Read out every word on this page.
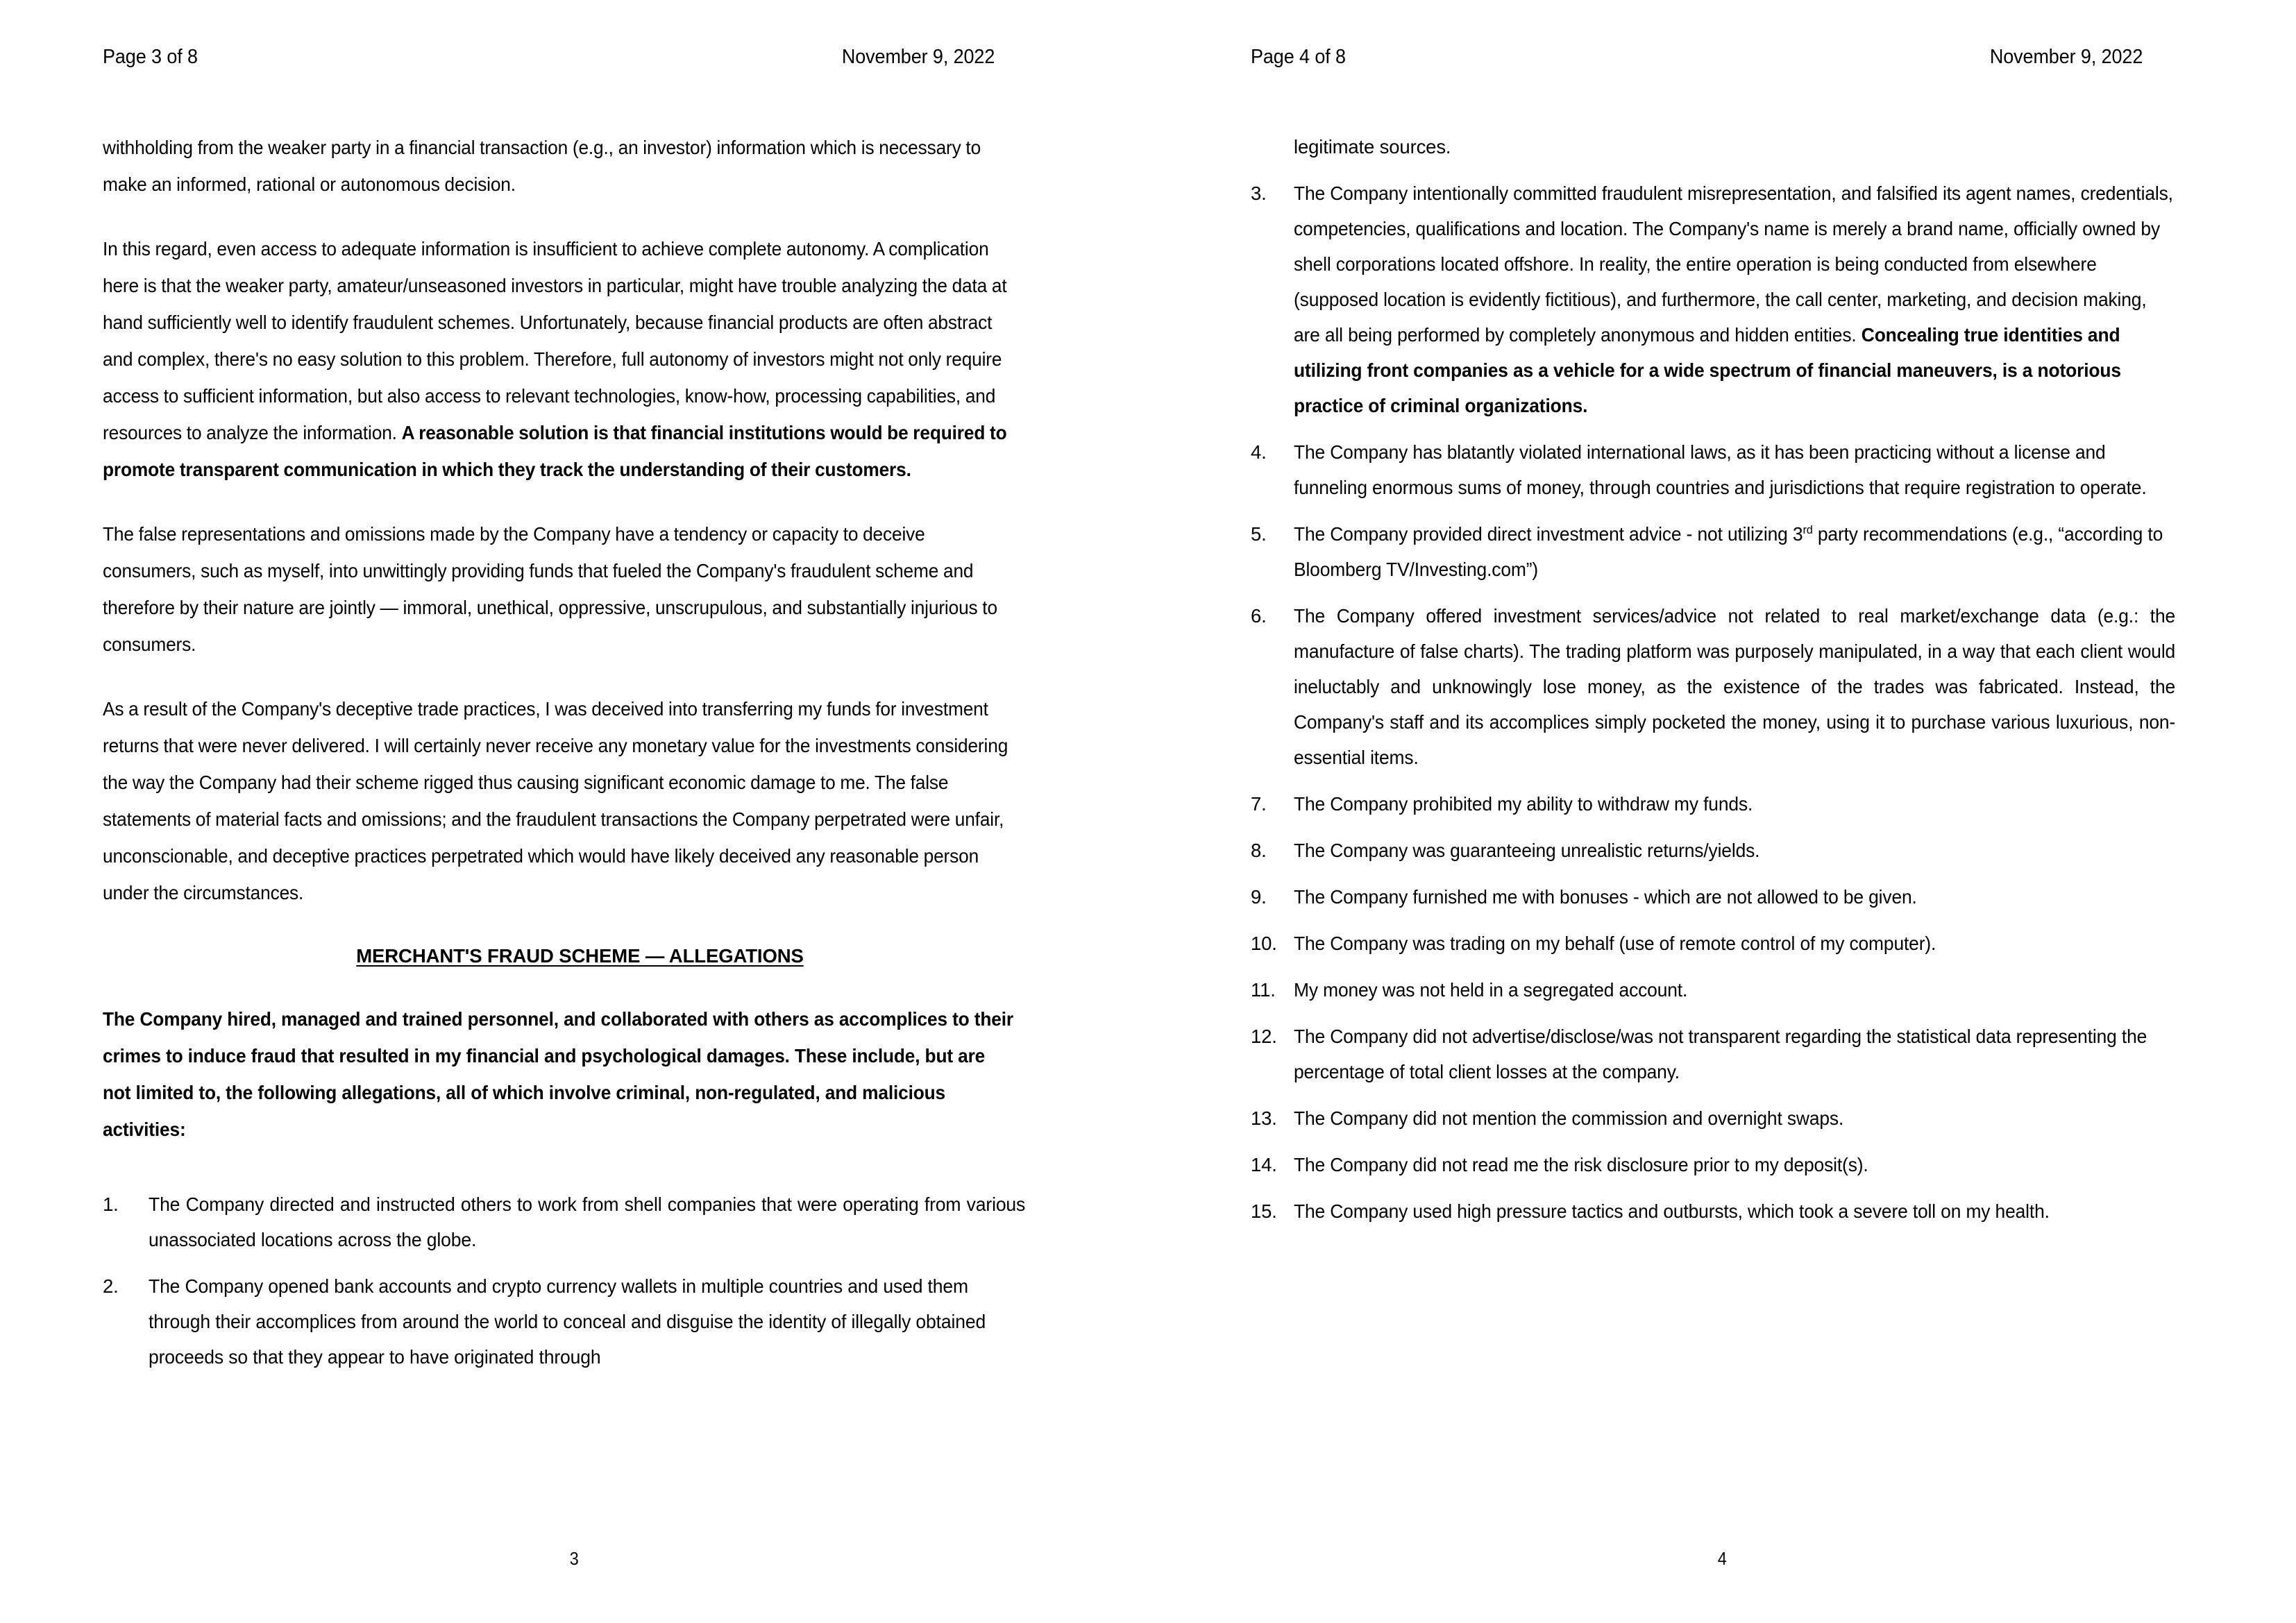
Page 3 of 8	November 9, 2022

withholding from the weaker party in a financial transaction (e.g., an investor) information which is necessary to make an informed, rational or autonomous decision.

In this regard, even access to adequate information is insufficient to achieve complete autonomy. A complication here is that the weaker party, amateur/unseasoned investors in particular, might have trouble analyzing the data at hand sufficiently well to identify fraudulent schemes. Unfortunately, because financial products are often abstract and complex, there's no easy solution to this problem. Therefore, full autonomy of investors might not only require access to sufficient information, but also access to relevant technologies, know-how, processing capabilities, and resources to analyze the information. A reasonable solution is that financial institutions would be required to promote transparent communication in which they track the understanding of their customers.

The false representations and omissions made by the Company have a tendency or capacity to deceive consumers, such as myself, into unwittingly providing funds that fueled the Company's fraudulent scheme and therefore by their nature are jointly — immoral, unethical, oppressive, unscrupulous, and substantially injurious to consumers.

As a result of the Company's deceptive trade practices, I was deceived into transferring my funds for investment returns that were never delivered. I will certainly never receive any monetary value for the investments considering the way the Company had their scheme rigged thus causing significant economic damage to me. The false statements of material facts and omissions; and the fraudulent transactions the Company perpetrated were unfair, unconscionable, and deceptive practices perpetrated which would have likely deceived any reasonable person under the circumstances.

MERCHANT'S FRAUD SCHEME — ALLEGATIONS

The Company hired, managed and trained personnel, and collaborated with others as accomplices to their crimes to induce fraud that resulted in my financial and psychological damages. These include, but are not limited to, the following allegations, all of which involve criminal, non-regulated, and malicious activities:

1.	The Company directed and instructed others to work from shell companies that were operating from various unassociated locations across the globe.
2.	The Company opened bank accounts and crypto currency wallets in multiple countries and used them through their accomplices from around the world to conceal and disguise the identity of illegally obtained proceeds so that they appear to have originated through
3
Page 4 of 8	November 9, 2022

legitimate sources.

3.	The Company intentionally committed fraudulent misrepresentation, and falsified its agent names, credentials, competencies, qualifications and location. The Company's name is merely a brand name, officially owned by shell corporations located offshore. In reality, the entire operation is being conducted from elsewhere (supposed location is evidently fictitious), and furthermore, the call center, marketing, and decision making, are all being performed by completely anonymous and hidden entities. Concealing true identities and utilizing front companies as a vehicle for a wide spectrum of financial maneuvers, is a notorious practice of criminal organizations.
4.	The Company has blatantly violated international laws, as it has been practicing without a license and funneling enormous sums of money, through countries and jurisdictions that require registration to operate.
5.	The Company provided direct investment advice - not utilizing 3rd party recommendations (e.g., “according to Bloomberg TV/Investing.com”)
6.	The Company offered investment services/advice not related to real market/exchange data (e.g.: the manufacture of false charts). The trading platform was purposely manipulated, in a way that each client would ineluctably and unknowingly lose money, as the existence of the trades was fabricated. Instead, the Company's staff and its accomplices simply pocketed the money, using it to purchase various luxurious, non-essential items.
7.	The Company prohibited my ability to withdraw my funds.
8.	The Company was guaranteeing unrealistic returns/yields.
9.	The Company furnished me with bonuses - which are not allowed to be given.
10. The Company was trading on my behalf (use of remote control of my computer).
11. My money was not held in a segregated account.
12. The Company did not advertise/disclose/was not transparent regarding the statistical data representing the percentage of total client losses at the company.
13. The Company did not mention the commission and overnight swaps.
14. The Company did not read me the risk disclosure prior to my deposit(s).
15. The Company used high pressure tactics and outbursts, which took a severe toll on my health.
4
